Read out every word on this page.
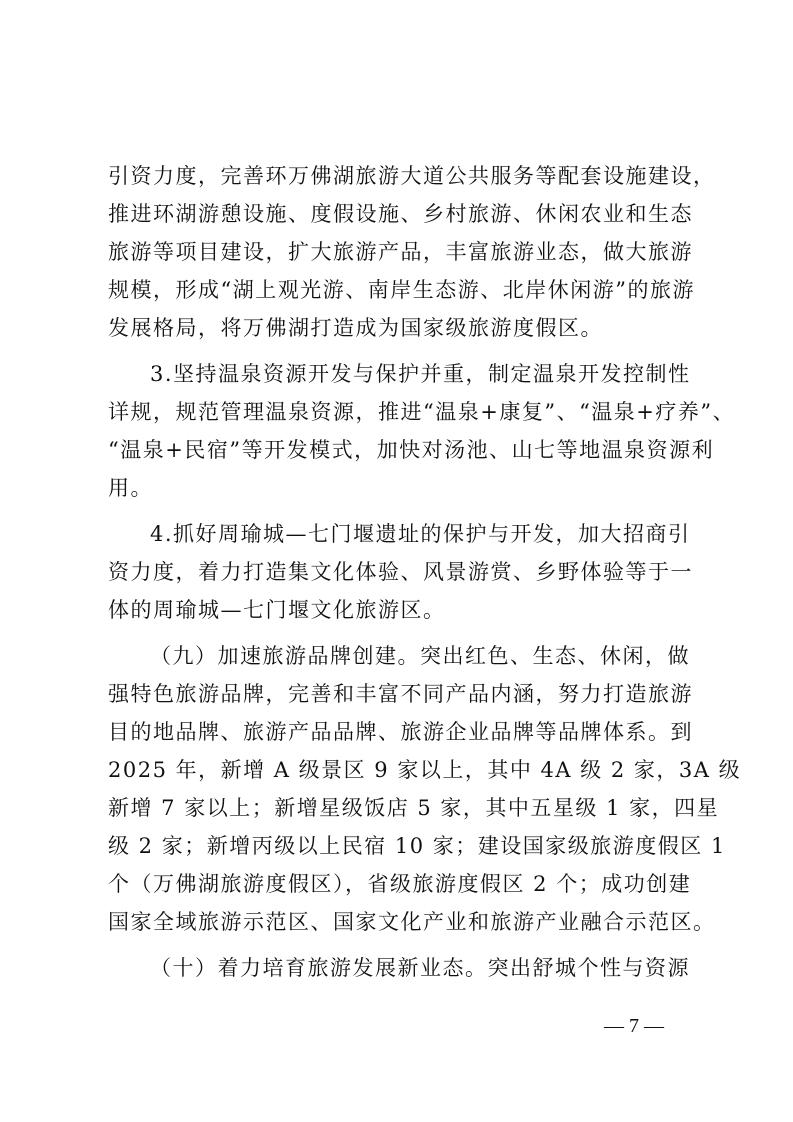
引资力度，完善环万佛湖旅游大道公共服务等配套设施建设，
推进环湖游憩设施、度假设施、乡村旅游、休闲农业和生态
旅游等项目建设，扩大旅游产品，丰富旅游业态，做大旅游
规模，形成“湖上观光游、南岸生态游、北岸休闲游”的旅游
发展格局，将万佛湖打造成为国家级旅游度假区。
3.坚持温泉资源开发与保护并重，制定温泉开发控制性
详规，规范管理温泉资源，推进“温泉+康复”、“温泉+疗养”、
“温泉+民宿”等开发模式，加快对汤池、山七等地温泉资源利
用。
4.抓好周瑜城—七门堰遗址的保护与开发，加大招商引
资力度，着力打造集文化体验、风景游赏、乡野体验等于一
体的周瑜城—七门堰文化旅游区。
（九）加速旅游品牌创建。突出红色、生态、休闲，做
强特色旅游品牌，完善和丰富不同产品内涵，努力打造旅游
目的地品牌、旅游产品品牌、旅游企业品牌等品牌体系。到
2025 年，新增 A 级景区 9 家以上，其中 4A 级 2 家，3A 级
新增 7 家以上；新增星级饭店 5 家，其中五星级 1 家，四星
级 2 家；新增丙级以上民宿 10 家；建设国家级旅游度假区 1
个（万佛湖旅游度假区），省级旅游度假区 2 个；成功创建
国家全域旅游示范区、国家文化产业和旅游产业融合示范区。
（十）着力培育旅游发展新业态。突出舒城个性与资源
— 7 —
